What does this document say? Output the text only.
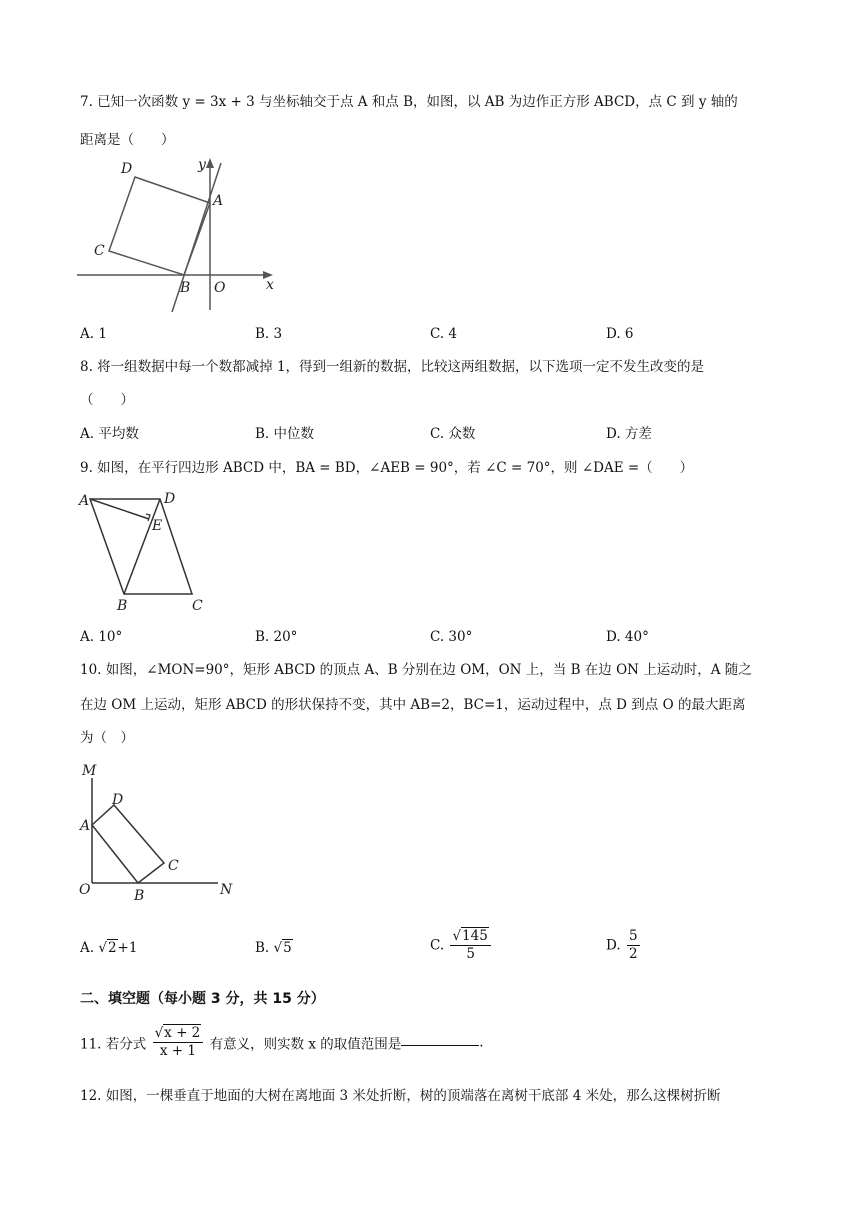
7. 已知一次函数 y = 3x + 3 与坐标轴交于点 A 和点 B，如图，以 AB 为边作正方形 ABCD，点 C 到 y 轴的
距离是（　　）
D	y
A
C
B O	x
A. 1	B. 3	C. 4	D. 6
8. 将一组数据中每一个数都减掉 1，得到一组新的数据，比较这两组数据，以下选项一定不发生改变的是
（　　）
A. 平均数	B. 中位数	C. 众数	D. 方差
9. 如图，在平行四边形 ABCD 中，BA = BD，∠AEB = 90°，若 ∠C = 70°，则 ∠DAE =（　　）
A	D
E
B	C
A. 10°	B. 20°	C. 30°	D. 40°
10. 如图，∠MON=90°，矩形 ABCD 的顶点 A、B 分别在边 OM，ON 上，当 B 在边 ON 上运动时，A 随之
在边 OM 上运动，矩形 ABCD 的形状保持不变，其中 AB=2，BC=1，运动过程中，点 D 到点 O 的最大距离
为（　）
M
D
A
C
O	B	N
A. √2+1	B. √5	C. $\frac{√145}{5}$	D. $\frac{5}{2}$
二、填空题（每小题 3 分，共 15 分）
11. 若分式 $\frac{√x + 2}{x + 1}$ 有意义，则实数 x 的取值范围是	.
12. 如图，一棵垂直于地面的大树在离地面 3 米处折断，树的顶端落在离树干底部 4 米处，那么这棵树折断
